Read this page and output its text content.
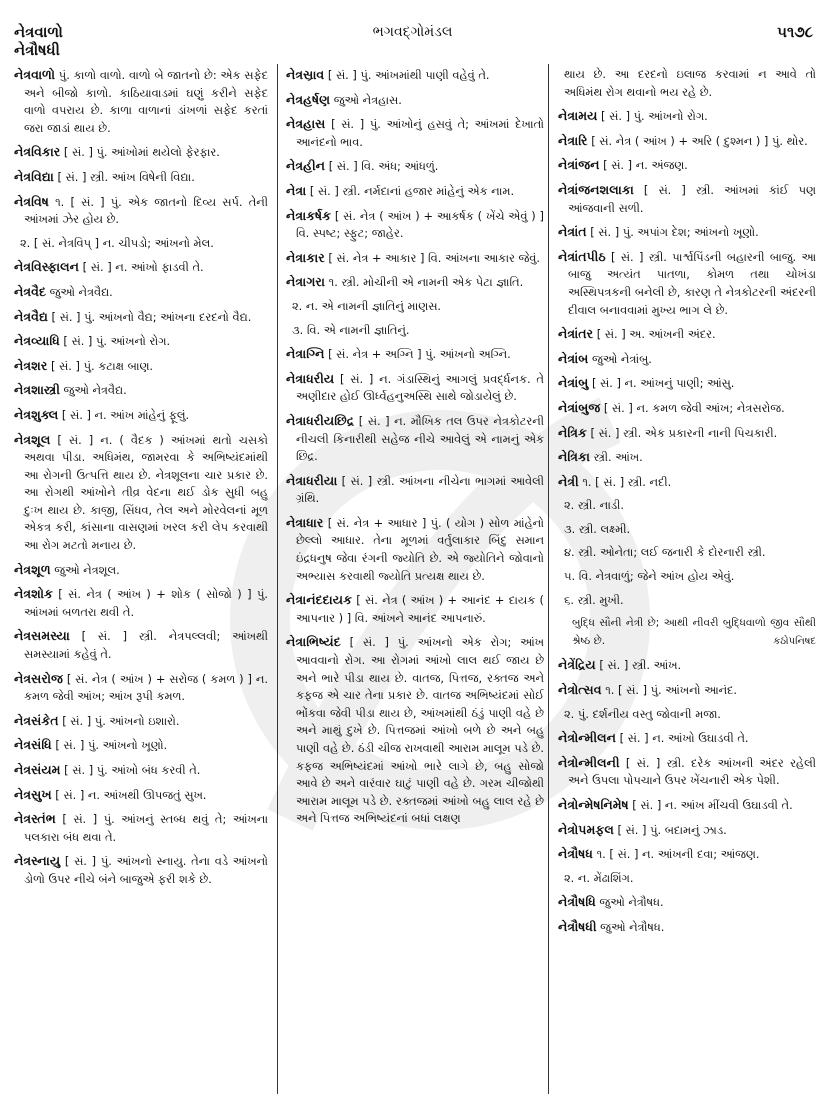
નેત્રવાળો
નેત્રૌષધી
ભગવદ્ગોમંડલ	૫૧૭૮

નેત્રવાળો પું. કાળો વાળો. વાળો બે જાતનો છે: એક સફેદ અને બીજો કાળો. કાઠિયાવાડમાં ઘણું કરીને સફેદ વાળો વપરાય છે. કાળા વાળાનાં ડાંખળાં સફેદ કરતાં જરા જાડાં થાય છે.

નેત્રવિકાર [ સં. ] પું. આંખોમાં થયેલો ફેરફાર.

નેત્રવિદ્યા [ સં. ] સ્ત્રી. આંખ વિષેની વિદ્યા.

નેત્રવિષ ૧. [ સં. ] પું. એક જાતનો દિવ્ય સર્પ. તેની આંખમાં ઝેર હોય છે.

૨. [ સં. નેત્રવિપ્ ] ન. ચીપડો; આંખનો મેલ.

નેત્રવિસ્ફાલન [ સં. ] ન. આંખો ફાડવી તે.

નેત્રવૈદ જુઓ નેત્રવૈદ્ય.

નેત્રવૈદ્ય [ સં. ] પું. આંખનો વૈદ્ય; આંખના દરદનો વૈદ્ય.

નેત્રવ્યાધિ [ સં. ] પું. આંખનો રોગ.

નેત્રશર [ સં. ] પું. કટાક્ષ બાણ.

નેત્રશાસ્ત્રી જુઓ નેત્રવૈદ્ય.

નેત્રશુક્લ [ સં. ] ન. આંખ માંહેનું ફૂલું.

નેત્રશૂલ [ સં. ] ન. ( વૈદક ) આંખમાં થતો ચસકો અથવા પીડા. અધિમંથ, જામરવા કે અભિષ્યંદમાંથી આ રોગની ઉત્પત્તિ થાય છે. નેત્રશૂલના ચાર પ્રકાર છે. આ રોગથી આંખોને તીવ્ર વેદના થઈ ડોક સુધી બહુ દુઃખ થાય છે. કાજી, સિંધવ, તેલ અને મોરવેલનાં મૂળ એકત્ર કરી, કાંસાના વાસણમાં ખરલ કરી લેપ કરવાથી આ રોગ મટતો મનાય છે.

નેત્રશૂળ જુઓ નેત્રશૂલ.

નેત્રશોક [ સં. નેત્ર ( આંખ ) + શોક ( સોજો ) ] પું. આંખમાં બળતરા થવી તે.

નેત્રસમસ્યા [ સં. ] સ્ત્રી. નેત્રપલ્લવી; આંખથી સમસ્યામાં કહેવું તે.

નેત્રસરોજ [ સં. નેત્ર ( આંખ ) + સરોજ ( કમળ ) ] ન. કમળ જેવી આંખ; આંખ રૂપી કમળ.

નેત્રસંકેત [ સં. ] પું. આંખનો ઇશારો.

નેત્રસંધિ [ સં. ] પું. આંખનો ખૂણો.

નેત્રસંયમ [ સં. ] પું. આંખો બંધ કરવી તે.

નેત્રસુખ [ સં. ] ન. આંખથી ઊપજતું સુખ.

નેત્રસ્તંભ [ સં. ] પું. આંખનું સ્તબ્ધ થવું તે; આંખના પલકારા બંધ થવા તે.

નેત્રસ્નાયુ [ સં. ] પું. આંખનો સ્નાયુ. તેના વડે આંખનો ડોળો ઉપર નીચે બંને બાજુએ ફરી શકે છે.

નેત્રસ્રાવ [ સં. ] પું. આંખમાંથી પાણી વહેવું તે.

નેત્રહર્ષણ જુઓ નેત્રહાસ.

નેત્રહાસ [ સં. ] પું. આંખોનું હસવું તે; આંખમાં દેખાતો આનંદનો ભાવ.

નેત્રહીન [ સં. ] વિ. અંધ; આંધળું.

નેત્રા [ સં. ] સ્ત્રી. નર્મદાનાં હજાર માંહેનું એક નામ.

નેત્રાકર્ષક [ સં. નેત્ર ( આંખ ) + આકર્ષક ( ખેંચે એવું ) ] વિ. સ્પષ્ટ; સ્ફુટ; જાહેર.

નેત્રાકાર [ સં. નેત્ર + આકાર ] વિ. આંખના આકાર જેવું.

નેત્રાગરા ૧. સ્ત્રી. મોચીની એ નામની એક પેટા જ્ઞાતિ.

૨. ન. એ નામની જ્ઞાતિનું માણસ.

૩. વિ. એ નામની જ્ઞાતિનું.

નેત્રાગ્નિ [ સં. નેત્ર + અગ્નિ ] પું. આંખનો અગ્નિ.

નેત્રાધરીય [ સં. ] ન. ગંડાસ્થિનું આગલું પ્રવર્દ્ધનક. તે અણીદાર હોઈ ઊર્ધ્વહનુઅસ્થિ સાથે જોડાયેલું છે.

નેત્રાધરીયછિદ્ર [ સં. ] ન. મૌખિક તલ ઉપર નેત્રકોટરની નીચલી કિનારીથી સહેજ નીચે આવેલું એ નામનું એક છિદ્ર.

નેત્રાધરીયા [ સં. ] સ્ત્રી. આંખના નીચેના ભાગમાં આવેલી ગ્રંથિ.

નેત્રાધાર [ સં. નેત્ર + આધાર ] પું. ( યોગ ) સોળ માંહેનો છેલ્લો આધાર. તેના મૂળમાં વર્તુલાકાર બિંદુ સમાન ઇંદ્રધનુષ જેવા રંગની જ્યોતિ છે. એ જ્યોતિને જોવાનો અભ્યાસ કરવાથી જ્યોતિ પ્રત્યક્ષ થાય છે.

નેત્રાનંદદાયક [ સં. નેત્ર ( આંખ ) + આનંદ + દાયક ( આપનાર ) ] વિ. આંખને આનંદ આપનારું.

નેત્રાભિષ્યંદ [ સં. ] પું. આંખનો એક રોગ; આંખ આવવાનો રોગ. આ રોગમાં આંખો લાલ થઈ જાય છે અને ભારે પીડા થાય છે. વાતજ, પિત્તજ, રક્તજ અને કફજ એ ચાર તેના પ્રકાર છે. વાતજ અભિષ્યંદમાં સોઈ ભોંકવા જેવી પીડા થાય છે, આંખમાંથી ઠંડું પાણી વહે છે અને માથું દુખે છે. પિત્તજમાં આંખો બળે છે અને બહુ પાણી વહે છે. ઠંડી ચીજ રાખવાથી આરામ માલૂમ પડે છે. કફજ અભિષ્યંદમાં આંખો ભારે લાગે છે, બહુ સોજો આવે છે અને વારંવાર ઘાટું પાણી વહે છે. ગરમ ચીજોથી આરામ માલૂમ પડે છે. રક્તજમાં આંખો બહુ લાલ રહે છે અને પિત્તજ અભિષ્યંદનાં બધાં લક્ષણ

થાય છે. આ દરદનો ઇલાજ કરવામાં ન આવે તો અધિમંથ રોગ થવાનો ભય રહે છે.

નેત્રામય [ સં. ] પું. આંખનો રોગ.

નેત્રારિ [ સં. નેત્ર ( આંખ ) + અરિ ( દુશ્મન ) ] પું. થોર.

નેત્રાંજન [ સં. ] ન. અંજણ.

નેત્રાંજનશલાકા [ સં. ] સ્ત્રી. આંખમાં કાંઈ પણ આંજવાની સળી.

નેત્રાંત [ સં. ] પું. અપાંગ દેશ; આંખનો ખૂણો.

નેત્રાંતપીઠ [ સં. ] સ્ત્રી. પાર્શ્વપિંડની બહારની બાજુ. આ બાજુ અત્યંત પાતળા, કોમળ તથા ચોખંડા અસ્થિપત્રકની બનેલી છે, કારણ તે નેત્રકોટરની અંદરની દીવાલ બનાવવામાં મુખ્ય ભાગ લે છે.

નેત્રાંતર [ સં. ] અ. આંખની અંદર.

નેત્રાંબ જુઓ નેત્રાંબુ.

નેત્રાંબુ [ સં. ] ન. આંખનું પાણી; આંસુ.

નેત્રાંબુજ [ સં. ] ન. કમળ જેવી આંખ; નેત્રસરોજ.

નેત્રિક [ સં. ] સ્ત્રી. એક પ્રકારની નાની પિચકારી.

નેત્રિકા સ્ત્રી. આંખ.

નેત્રી ૧. [ સં. ] સ્ત્રી. નદી.

૨. સ્ત્રી. નાડી.

૩. સ્ત્રી. લક્ષ્મી.

૪. સ્ત્રી. ઓનેતા; લઈ જનારી કે દોરનારી સ્ત્રી.

૫. વિ. નેત્રવાળું; જેને આંખ હોય એવું.

૬. સ્ત્રી. મુખી.

બુદ્ધિ સૌની નેત્રી છે; આથી નીવરી બુદ્ધિવાળો જીવ સૌથી શ્રેષ્ઠ છે.	કઠોપનિષદ

નેત્રેંદ્રિય [ સં. ] સ્ત્રી. આંખ.

નેત્રોત્સવ ૧. [ સં. ] પું. આંખનો આનંદ.

૨. પું. દર્શનીય વસ્તુ જોવાની મજા.

નેત્રોન્મીલન [ સં. ] ન. આંખો ઉઘાડવી તે.

નેત્રોન્મીલની [ સં. ] સ્ત્રી. દરેક આંખની અંદર રહેલી અને ઉપલા પોપચાને ઉપર ખેંચનારી એક પેશી.

નેત્રોન્મેષનિમેષ [ સં. ] ન. આંખ મીંચવી ઉઘાડવી તે.

નેત્રોપમફલ [ સં. ] પું. બદામનું ઝાડ.

નેત્રૌષધ ૧. [ સં. ] ન. આંખની દવા; આંજણ.

૨. ન. મેંઢાશિંગ.

નેત્રૌષધિ જુઓ નેત્રૌષધ.

નેત્રૌષધી જુઓ નેત્રૌષધ.
